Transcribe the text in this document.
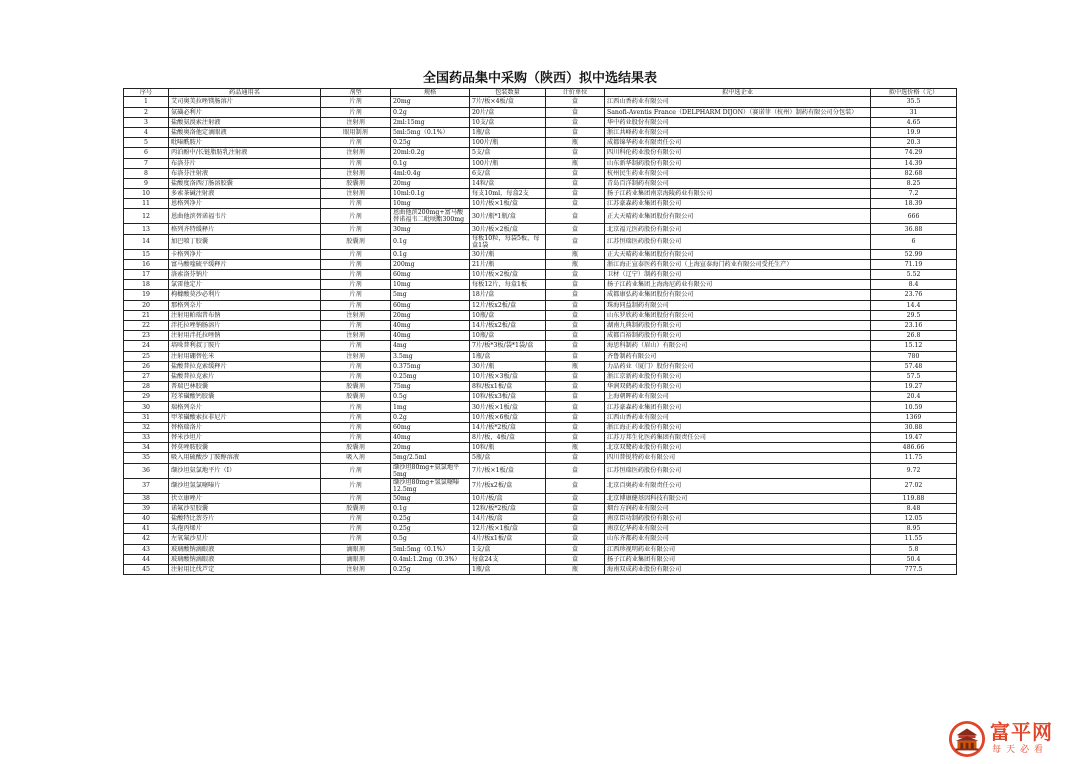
全国药品集中采购（陕西）拟中选结果表
序号	药品通用名	剂型	规格	包装数量	计价单位	拟中选企业	拟中选价格（元）
1	艾司奥美拉唑镁肠溶片	片剂	20mg	7片/板×4板/盒	盒	江西山香药业有限公司	35.5
2	氨磺必利片	片剂	0.2g	20片/盒	盒	Sanofi-Aventis France（DELPHARM DIJON）（赛诺菲（杭州）制药有限公司分包装）	31
3	盐酸氨溴索注射液	注射剂	2ml:15mg	10支/盒	盒	华中药业股份有限公司	4.65
4	盐酸奥洛他定滴眼液	眼用制剂	5ml:5mg（0.1%）	1瓶/盒	盒	浙江共峰药业有限公司	19.9
5	吡嗪酰胺片	片剂	0.25g	100片/瓶	瓶	成都锦华药业有限责任公司	20.3
6	丙泊酚中/长链脂肪乳注射液	注射剂	20ml:0.2g	5支/盒	盒	四川科伦药业股份有限公司	74.29
7	布洛芬片	片剂	0.1g	100片/瓶	瓶	山东新华制药股份有限公司	14.39
8	布洛芬注射液	注射剂	4ml:0.4g	6支/盒	盒	杭州民生药业有限公司	82.68
9	盐酸度洛西汀肠溶胶囊	胶囊剂	20mg	14粒/盒	盒	青岛百洋制药有限公司	8.25
10	多索茶碱注射液	注射剂	10ml:0.1g	每支10ml，每盒2支	盒	扬子江药业集团南京海陵药业有限公司	7.2
11	恩格列净片	片剂	10mg	10片/板×1板/盒	盒	江苏豪森药业集团有限公司	18.39
12	恩曲他滨替诺福韦片	片剂	恩曲他滨200mg+富马酸替诺福韦二吡呋酯300mg	30片/瓶*1瓶/盒	盒	正大天晴药业集团股份有限公司	666
13	格列齐特缓释片	片剂	30mg	30片/板×2板/盒	盒	北京福元医药股份有限公司	36.88
14	加巴喷丁胶囊	胶囊剂	0.1g	每板10粒，每袋5板，每盒1袋	盒	江苏恒瑞医药股份有限公司	6
15	卡格列净片	片剂	0.1g	30片/瓶	瓶	正大天晴药业集团股份有限公司	52.99
16	富马酸喹硫平缓释片	片剂	200mg	21片/瓶	瓶	浙江海正宣泰医药有限公司（上海宣泰海门药业有限公司受托生产）	71.19
17	洛索洛芬钠片	片剂	60mg	10片/板×2板/盒	盒	卫材（辽宁）制药有限公司	5.52
18	氯雷他定片	片剂	10mg	每板12片，每盒1板	盒	扬子江药业集团上海海尼药业有限公司	8.4
19	枸橼酸莫沙必利片	片剂	5mg	18片/盒	盒	成都康弘药业集团股份有限公司	23.76
20	那格列奈片	片剂	60mg	12片/板x2板/盒	盒	珠海同益制药有限公司	14.4
21	注射用帕瑞昔布钠	注射剂	20mg	10瓶/盒	盒	山东罗欣药业集团股份有限公司	29.5
22	泮托拉唑钠肠溶片	片剂	40mg	14片/板x2板/盒	盒	湖南九典制药股份有限公司	23.16
23	注射用泮托拉唑钠	注射剂	40mg	10瓶/盒	盒	成都百裕制药股份有限公司	26.8
24	培哚普利叔丁胺片	片剂	4mg	7片/板*3板/袋*1袋/盒	盒	海思科制药（眉山）有限公司	15.12
25	注射用硼替佐米	注射剂	3.5mg	1瓶/盒	盒	齐鲁制药有限公司	780
26	盐酸普拉克索缓释片	片剂	0.375mg	30片/瓶	瓶	力品药业（厦门）股份有限公司	57.48
27	盐酸普拉克索片	片剂	0.25mg	10片/板×3板/盒	盒	浙江京新药业股份有限公司	57.5
28	普瑞巴林胶囊	胶囊剂	75mg	8粒/板x1板/盒	盒	华润双鹤药业股份有限公司	19.27
29	羟苯磺酸钙胶囊	胶囊剂	0.5g	10粒/板x3板/盒	盒	上海朝晖药业有限公司	20.4
30	瑞格列奈片	片剂	1mg	30片/板×1板/盒	盒	江苏豪森药业集团有限公司	10.59
31	甲苯磺酸索拉非尼片	片剂	0.2g	10片/板×6板/盒	盒	江西山香药业有限公司	1369
32	替格瑞洛片	片剂	60mg	14片/板*2板/盒	盒	浙江海正药业股份有限公司	30.88
33	替米沙坦片	片剂	40mg	8片/板，4板/盒	盒	江苏万邦生化医药集团有限责任公司	19.47
34	替莫唑胺胶囊	胶囊剂	20mg	10粒/瓶	瓶	北京双鹭药业股份有限公司	486.66
35	吸入用硫酸沙丁胺醇溶液	吸入剂	5mg/2.5ml	5瓶/盒	盒	四川普锐特药业有限公司	11.75
36	缬沙坦氨氯地平片（Ⅰ）	片剂	缬沙坦80mg+氨氯地平5mg	7片/板×1板/盒	盒	江苏恒瑞医药股份有限公司	9.72
37	缬沙坦氢氯噻嗪片	片剂	缬沙坦80mg+氢氯噻嗪12.5mg	7片/板x2板/盒	盒	北京百奥药业有限责任公司	27.02
38	伏立康唑片	片剂	50mg	10片/板/盒	盒	北京博康健基因科技有限公司	119.88
39	诺氟沙星胶囊	胶囊剂	0.1g	12粒/板*2板/盒	盒	烟台方润药业有限公司	8.48
40	盐酸特比萘芬片	片剂	0.25g	14片/板/盒	盒	南京臣功制药股份有限公司	12.05
41	头孢丙烯片	片剂	0.25g	12片/板×1板/盒	盒	南京亿华药业有限公司	8.95
42	左氧氟沙星片	片剂	0.5g	4片/板x1板/盒	盒	山东齐都药业有限公司	11.55
43	玻璃酸钠滴眼液	滴眼剂	5ml:5mg（0.1%）	1支/盒	盒	江西珍视明药业有限公司	5.8
44	玻璃酸钠滴眼液	滴眼剂	0.4ml:1.2mg（0.3%）	每盒24支	盒	扬子江药业集团有限公司	50.4
45	注射用比伐芦定	注射剂	0.25g	1瓶/盒	瓶	海南双成药业股份有限公司	777.5
富平网
每天必看
